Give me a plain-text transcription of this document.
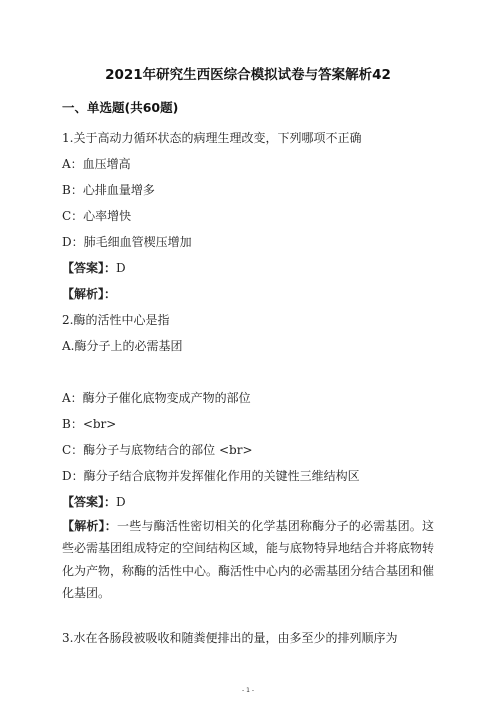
2021年研究生西医综合模拟试卷与答案解析42
一、单选题(共60题)
1.关于高动力循环状态的病理生理改变，下列哪项不正确
A：血压增高
B：心排血量增多
C：心率增快
D：肺毛细血管楔压增加
【答案】：D
【解析】：
2.酶的活性中心是指
A.酶分子上的必需基团
A：酶分子催化底物变成产物的部位
B：<br>
C：酶分子与底物结合的部位 <br>
D：酶分子结合底物并发挥催化作用的关键性三维结构区
【答案】：D
【解析】：一些与酶活性密切相关的化学基团称酶分子的必需基团。这些必需基团组成特定的空间结构区域，能与底物特异地结合并将底物转化为产物，称酶的活性中心。酶活性中心内的必需基团分结合基团和催化基团。
3.水在各肠段被吸收和随粪便排出的量，由多至少的排列顺序为
- 1 -
